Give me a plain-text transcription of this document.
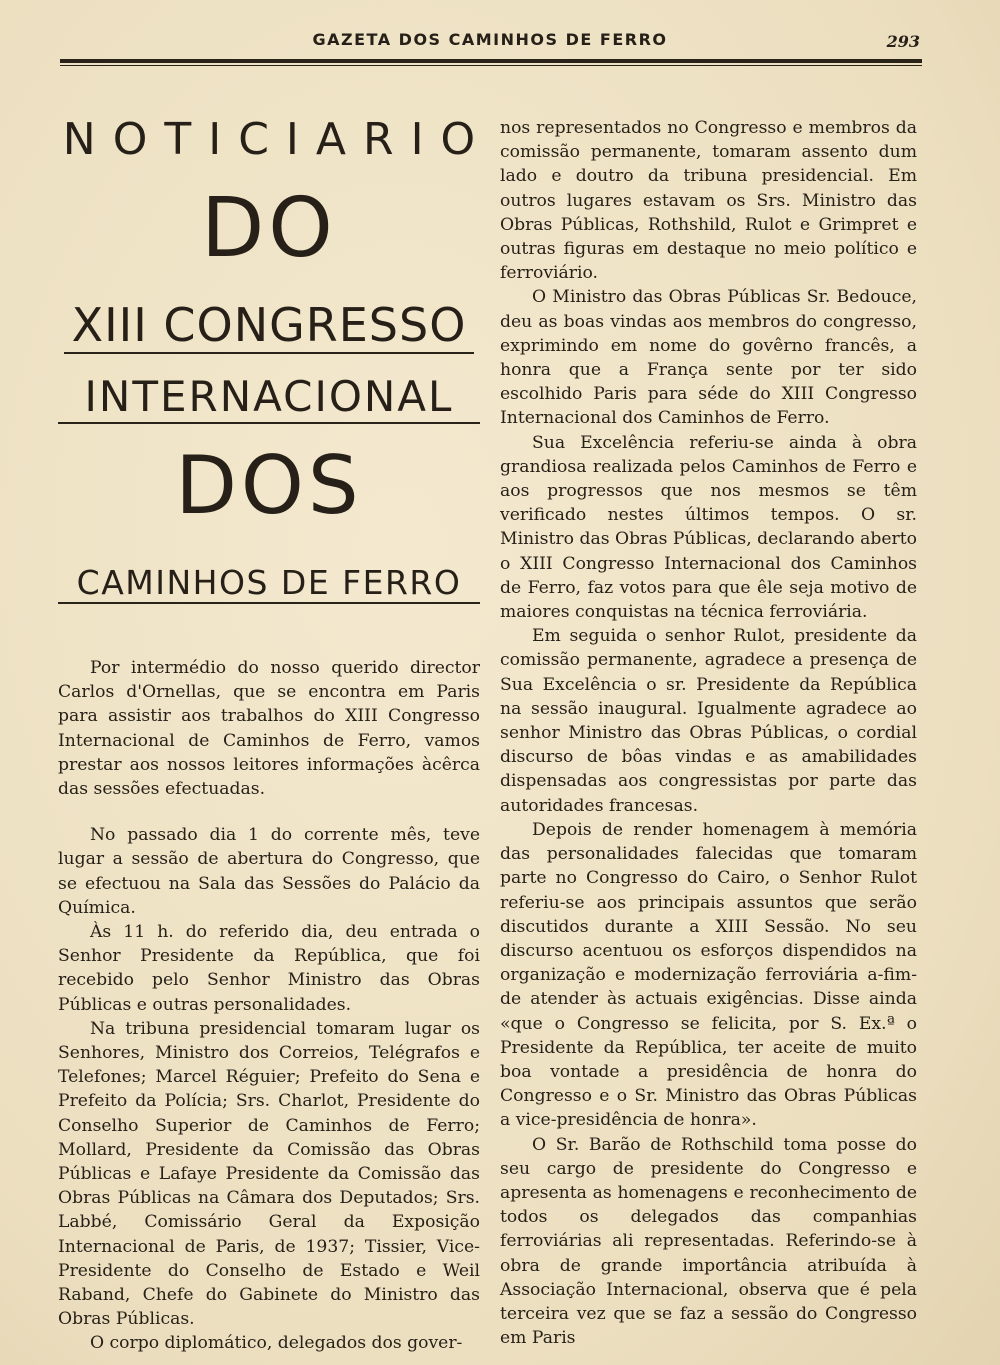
GAZETA DOS CAMINHOS DE FERRO	293
NOTICIARIO
DO
XIII CONGRESSO
INTERNACIONAL
DOS
CAMINHOS DE FERRO

Por intermédio do nosso querido director Carlos d'Ornellas, que se encontra em Paris para assistir aos trabalhos do XIII Congresso Internacional de Caminhos de Ferro, vamos prestar aos nossos leitores informações àcêrca das sessões efectuadas.

No passado dia 1 do corrente mês, teve lugar a sessão de abertura do Congresso, que se efectuou na Sala das Sessões do Palácio da Química.

Às 11 h. do referido dia, deu entrada o Senhor Presidente da República, que foi recebido pelo Senhor Ministro das Obras Públicas e outras personalidades.

Na tribuna presidencial tomaram lugar os Senhores, Ministro dos Correios, Telégrafos e Telefones; Marcel Réguier; Prefeito do Sena e Prefeito da Polícia; Srs. Charlot, Presidente do Conselho Superior de Caminhos de Ferro; Mollard, Presidente da Comissão das Obras Públicas e Lafaye Presidente da Comissão das Obras Públicas na Câmara dos Deputados; Srs. Labbé, Comissário Geral da Exposição Internacional de Paris, de 1937; Tissier, Vice-Presidente do Conselho de Estado e Weil Raband, Chefe do Gabinete do Ministro das Obras Públicas.

O corpo diplomático, delegados dos gover-

nos representados no Congresso e membros da comissão permanente, tomaram assento dum lado e doutro da tribuna presidencial. Em outros lugares estavam os Srs. Ministro das Obras Públicas, Rothshild, Rulot e Grimpret e outras figuras em destaque no meio político e ferroviário.

O Ministro das Obras Públicas Sr. Bedouce, deu as boas vindas aos membros do congresso, exprimindo em nome do govêrno francês, a honra que a França sente por ter sido escolhido Paris para séde do XIII Congresso Internacional dos Caminhos de Ferro.

Sua Excelência referiu-se ainda à obra grandiosa realizada pelos Caminhos de Ferro e aos progressos que nos mesmos se têm verificado nestes últimos tempos. O sr. Ministro das Obras Públicas, declarando aberto o XIII Congresso Internacional dos Caminhos de Ferro, faz votos para que êle seja motivo de maiores conquistas na técnica ferroviária.

Em seguida o senhor Rulot, presidente da comissão permanente, agradece a presença de Sua Excelência o sr. Presidente da República na sessão inaugural. Igualmente agradece ao senhor Ministro das Obras Públicas, o cordial discurso de bôas vindas e as amabilidades dispensadas aos congressistas por parte das autoridades francesas.

Depois de render homenagem à memória das personalidades falecidas que tomaram parte no Congresso do Cairo, o Senhor Rulot referiu-se aos principais assuntos que serão discutidos durante a XIII Sessão. No seu discurso acentuou os esforços dispendidos na organização e modernização ferroviária a-fim-de atender às actuais exigências. Disse ainda «que o Congresso se felicita, por S. Ex.ª o Presidente da República, ter aceite de muito boa vontade a presidência de honra do Congresso e o Sr. Ministro das Obras Públicas a vice-presidência de honra».

O Sr. Barão de Rothschild toma posse do seu cargo de presidente do Congresso e apresenta as homenagens e reconhecimento de todos os delegados das companhias ferroviárias ali representadas. Referindo-se à obra de grande importância atribuída à Associação Internacional, observa que é pela terceira vez que se faz a sessão do Congresso em Paris
